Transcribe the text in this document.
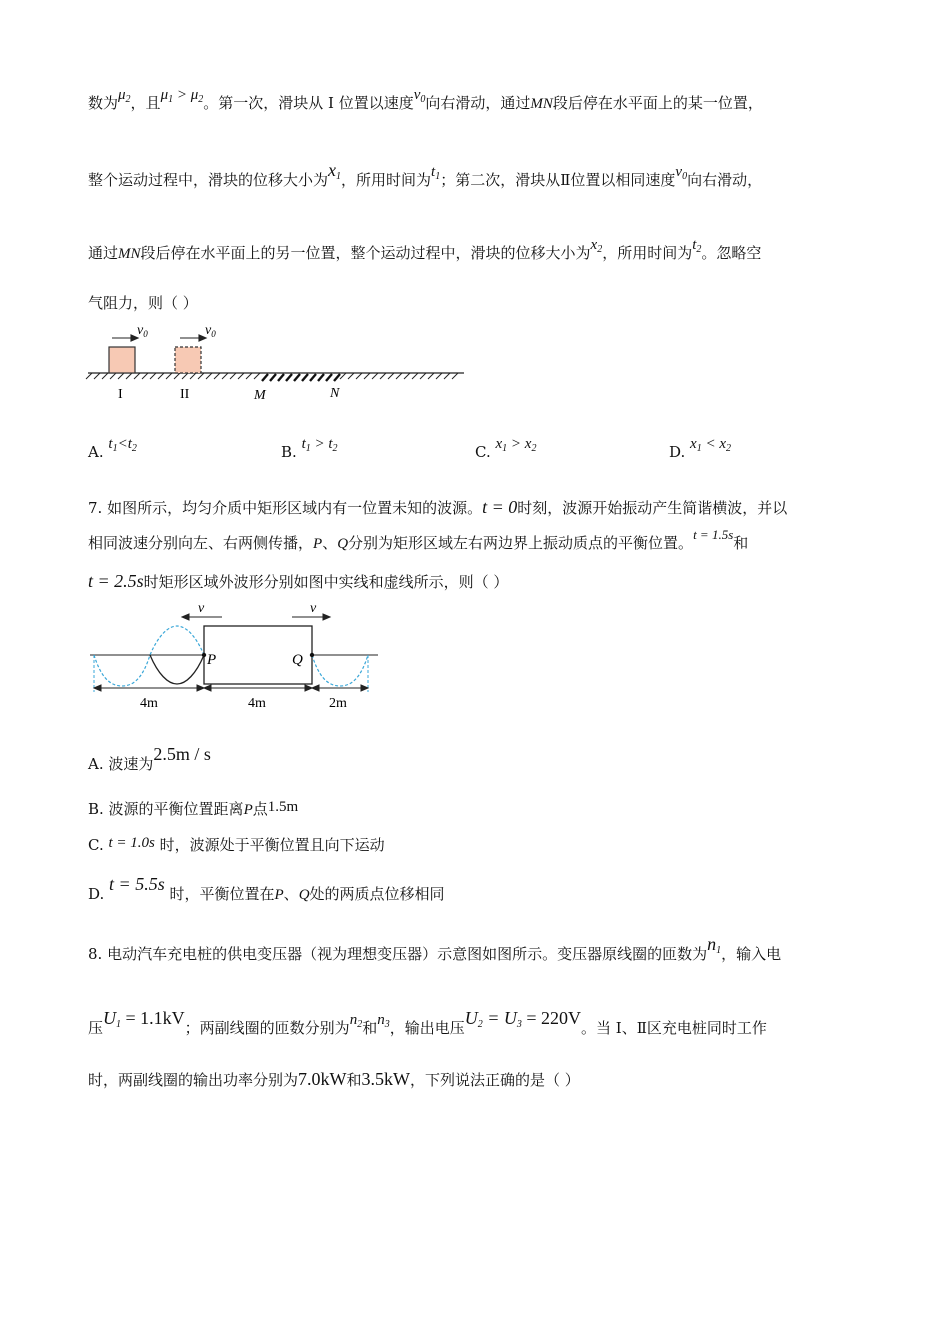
数为$\mu_2$，且$\mu_1 > \mu_2$。第一次，滑块从 I 位置以速度$v_0$向右滑动，通过MN段后停在水平面上的某一位置，
整个运动过程中，滑块的位移大小为$x_1$，所用时间为$t_1$；第二次，滑块从Ⅱ位置以相同速度$v_0$向右滑动，
通过MN段后停在水平面上的另一位置，整个运动过程中，滑块的位移大小为$x_2$，所用时间为$t_2$。忽略空
气阻力，则（ ）
$v_0$	$v_0$
I	II	M	N
A. $t_1<t_2$	B. $t_1 > t_2$	C. $x_1 > x_2$	D. $x_1 < x_2$
7. 如图所示，均匀介质中矩形区域内有一位置未知的波源。t = 0时刻，波源开始振动产生简谐横波，并以
相同波速分别向左、右两侧传播，P、Q分别为矩形区域左右两边界上振动质点的平衡位置。t = 1.5s和
t = 2.5s时矩形区域外波形分别如图中实线和虚线所示，则（ ）
P	Q
v	v
4m	4m	2m
A. 波速为2.5m / s
B. 波源的平衡位置距离P点1.5m
C. t = 1.0s 时，波源处于平衡位置且向下运动
D. t = 5.5s 时，平衡位置在P、Q处的两质点位移相同
8. 电动汽车充电桩的供电变压器（视为理想变压器）示意图如图所示。变压器原线圈的匝数为$n_1$，输入电
压$U_1 = 1.1kV$；两副线圈的匝数分别为$n_2$和$n_3$，输出电压$U_2 = U_3 = 220V$。当 I、Ⅱ区充电桩同时工作
时，两副线圈的输出功率分别为7.0kW和3.5kW，下列说法正确的是（ ）
